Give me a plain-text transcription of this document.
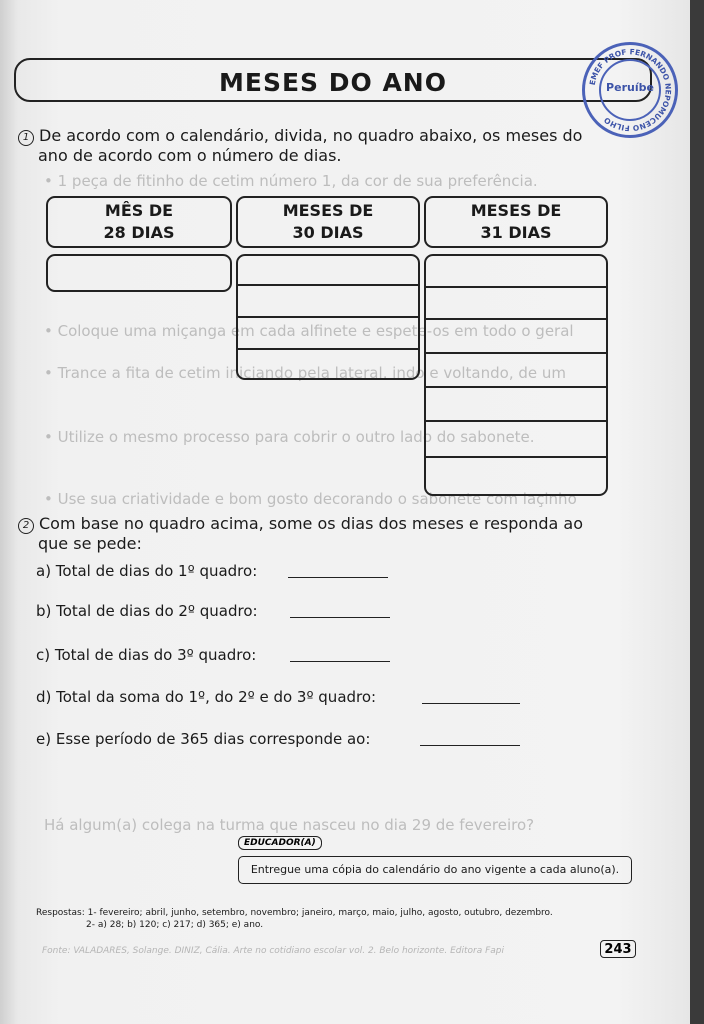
• 1 peça de fitinho de cetim número 1, da cor de sua preferência.
• Coloque uma miçanga em cada alfinete e espete-os em todo o geral
• Trance a fita de cetim iniciando pela lateral, indo e voltando, de um
• Utilize o mesmo processo para cobrir o outro lado do sabonete.
• Use sua criatividade e bom gosto decorando o sabonete com laçinho
Há algum(a) colega na turma que nasceu no dia 29 de fevereiro?
MESES DO ANO	EMEF PROF FERNANDO NEPOMUCENO FILHO
Peruíbe
1 De acordo com o calendário, divida, no quadro abaixo, os meses do
ano de acordo com o número de dias.
MÊS DE
28 DIAS
MESES DE
30 DIAS
MESES DE
31 DIAS
2 Com base no quadro acima, some os dias dos meses e responda ao
que se pede:
a) Total de dias do 1º quadro:
b) Total de dias do 2º quadro:
c) Total de dias do 3º quadro:
d) Total da soma do 1º, do 2º e do 3º quadro:
e) Esse período de 365 dias corresponde ao:
EDUCADOR(A)
Entregue uma cópia do calendário do ano vigente a cada aluno(a).
Respostas: 1- fevereiro; abril, junho, setembro, novembro; janeiro, março, maio, julho, agosto, outubro, dezembro.
2- a) 28; b) 120; c) 217; d) 365; e) ano.
Fonte: VALADARES, Solange. DINIZ, Cália. Arte no cotidiano escolar vol. 2. Belo horizonte. Editora Fapi	243
